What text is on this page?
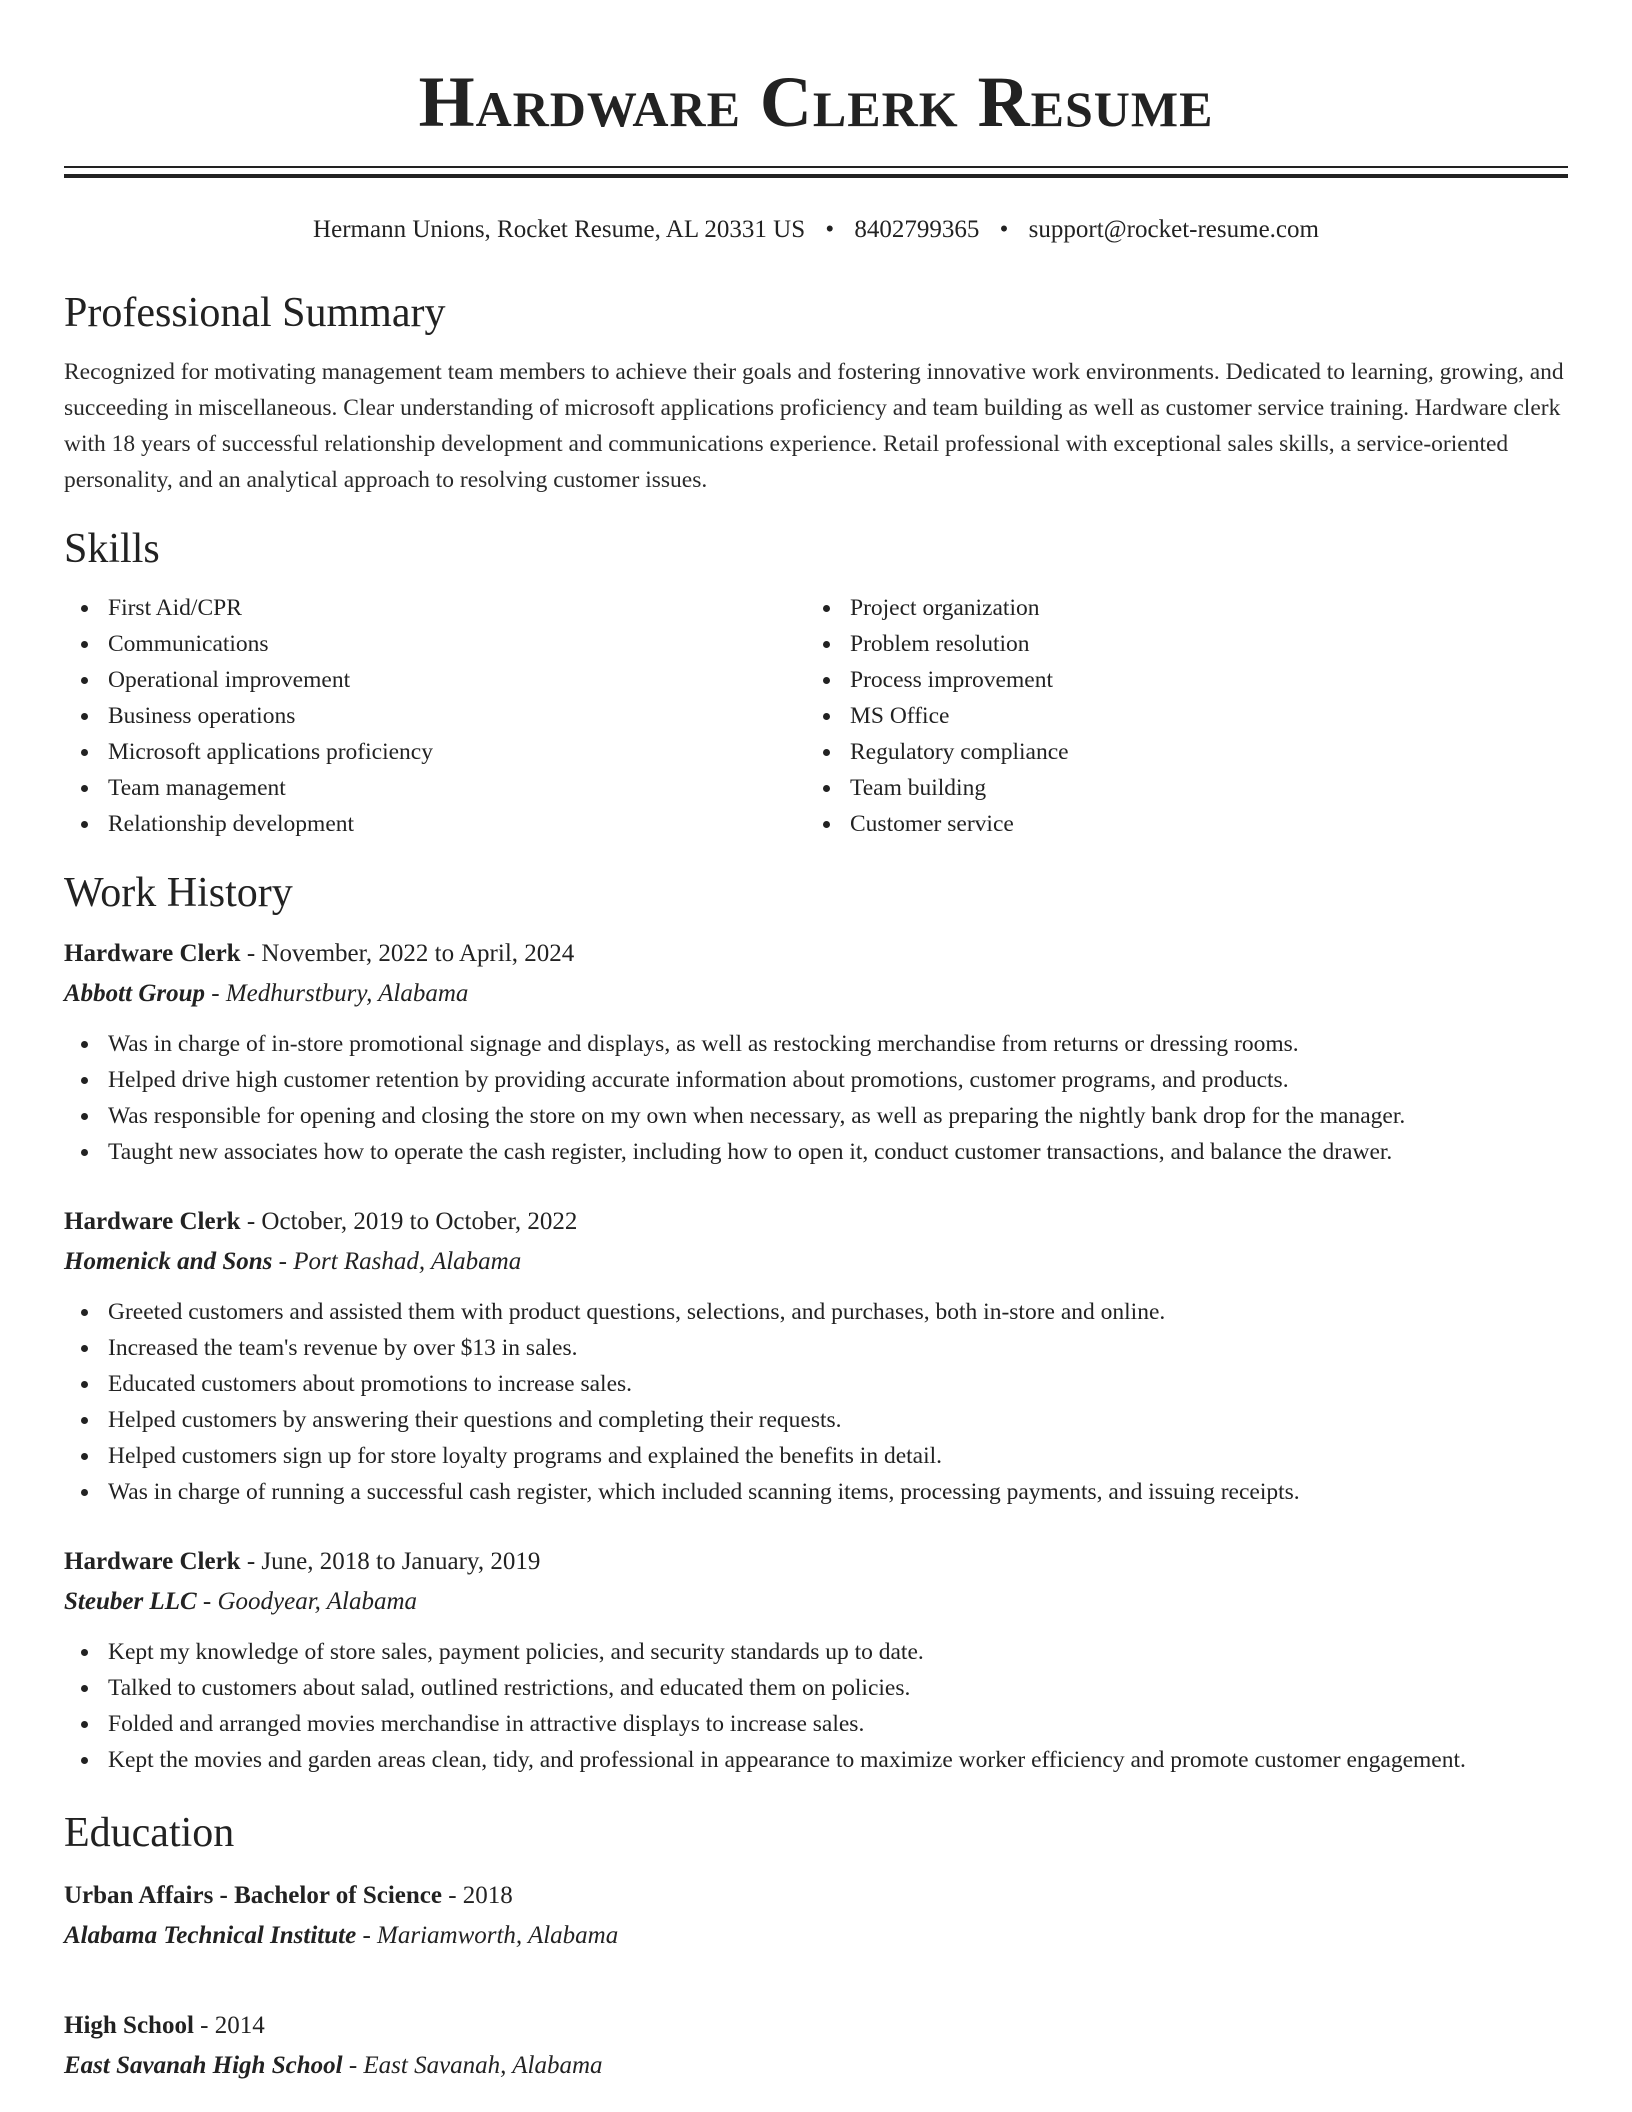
Hardware Clerk Resume
Hermann Unions, Rocket Resume, AL 20331 US • 8402799365 • support@rocket-resume.com
Professional Summary

Recognized for motivating management team members to achieve their goals and fostering innovative work environments. Dedicated to learning, growing, and succeeding in miscellaneous. Clear understanding of microsoft applications proficiency and team building as well as customer service training. Hardware clerk with 18 years of successful relationship development and communications experience. Retail professional with exceptional sales skills, a service-oriented personality, and an analytical approach to resolving customer issues.

Skills
First Aid/CPR
Communications
Operational improvement
Business operations
Microsoft applications proficiency
Team management
Relationship development
Project organization
Problem resolution
Process improvement
MS Office
Regulatory compliance
Team building
Customer service
Work History
Hardware Clerk - November, 2022 to April, 2024
Abbott Group - Medhurstbury, Alabama
Was in charge of in-store promotional signage and displays, as well as restocking merchandise from returns or dressing rooms.
Helped drive high customer retention by providing accurate information about promotions, customer programs, and products.
Was responsible for opening and closing the store on my own when necessary, as well as preparing the nightly bank drop for the manager.
Taught new associates how to operate the cash register, including how to open it, conduct customer transactions, and balance the drawer.
Hardware Clerk - October, 2019 to October, 2022
Homenick and Sons - Port Rashad, Alabama
Greeted customers and assisted them with product questions, selections, and purchases, both in-store and online.
Increased the team's revenue by over $13 in sales.
Educated customers about promotions to increase sales.
Helped customers by answering their questions and completing their requests.
Helped customers sign up for store loyalty programs and explained the benefits in detail.
Was in charge of running a successful cash register, which included scanning items, processing payments, and issuing receipts.
Hardware Clerk - June, 2018 to January, 2019
Steuber LLC - Goodyear, Alabama
Kept my knowledge of store sales, payment policies, and security standards up to date.
Talked to customers about salad, outlined restrictions, and educated them on policies.
Folded and arranged movies merchandise in attractive displays to increase sales.
Kept the movies and garden areas clean, tidy, and professional in appearance to maximize worker efficiency and promote customer engagement.
Education
Urban Affairs - Bachelor of Science - 2018
Alabama Technical Institute - Mariamworth, Alabama
High School - 2014
East Savanah High School - East Savanah, Alabama
